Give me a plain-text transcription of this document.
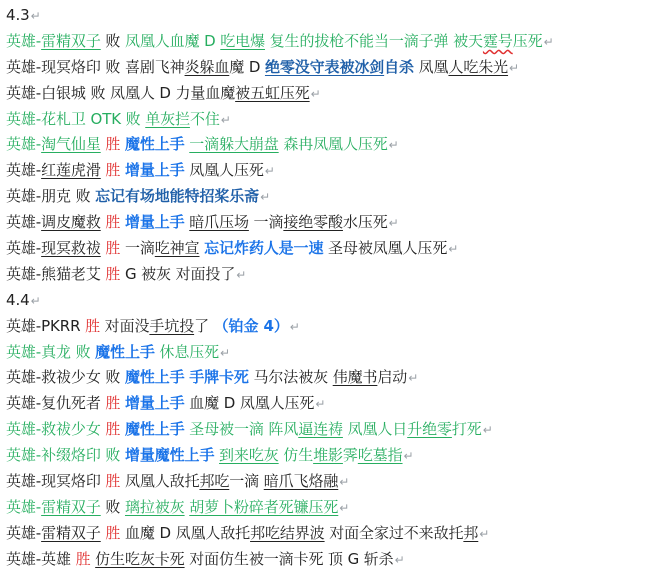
4.3↵
英雄-雷精双子 败 凤凰人血魔 D 吃电爆 复生的拔枪不能当一滴子弹 被天霆号压死↵
英雄-现冥烙印 败 喜剧飞神炎躲血魔 D 绝零没守表被冰剑自杀 凤凰人吃朱光↵
英雄-白银城 败 凤凰人 D 力量血魔被五虹压死↵
英雄-花札卫 OTK 败 单灰拦不住↵
英雄-淘气仙星 胜 魔性上手 一滴躲大崩盘 森冉凤凰人压死↵
英雄-红莲虎滑 胜 增量上手 凤凰人压死↵
英雄-朋克 败 忘记有场地能特招桨乐斋↵
英雄-调皮魔救 胜 增量上手 暗爪压场 一滴接绝零酸水压死↵
英雄-现冥救祓 胜 一滴吃神宣 忘记炸药人是一速 圣母被凤凰人压死↵
英雄-熊猫老艾 胜 G 被灰 对面投了↵
4.4↵
英雄-PKRR 胜 对面没手坑投了 （铂金 4）↵
英雄-真龙 败 魔性上手 休息压死↵
英雄-救祓少女 败 魔性上手 手牌卡死 马尔法被灰 伟魔书启动↵
英雄-复仇死者 胜 增量上手 血魔 D 凤凰人压死↵
英雄-救祓少女 胜 魔性上手 圣母被一滴 阵风逼连祷 凤凰人日升绝零打死↵
英雄-补缀烙印 败 增量魔性上手 到来吃灰 仿生堆影霁吃墓指↵
英雄-现冥烙印 胜 凤凰人敌托邦吃一滴 暗爪飞烙融↵
英雄-雷精双子 败 璃拉被灰 胡萝卜粉碎者死镰压死↵
英雄-雷精双子 胜 血魔 D 凤凰人敌托邦吃结界波 对面全家过不来敌托邦↵
英雄-英雄 胜 仿生吃灰卡死 对面仿生被一滴卡死 顶 G 斩杀↵
